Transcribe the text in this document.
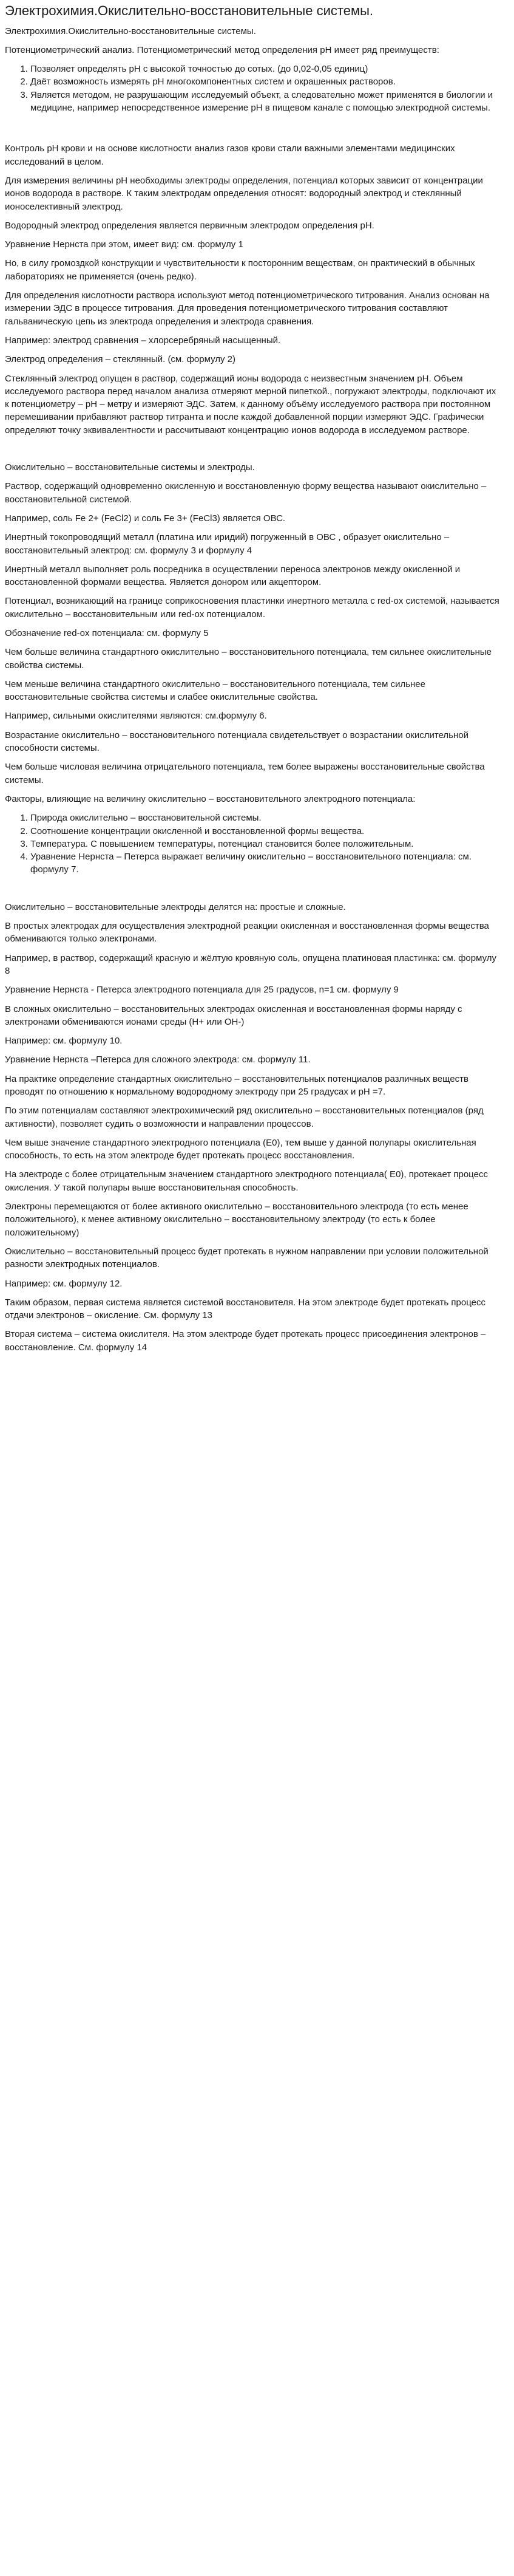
Электрохимия.Окислительно-восстановительные системы.

Электрохимия.Окислительно-восстановительные системы.

Потенциометрический анализ. Потенциометрический метод определения рН имеет ряд преимуществ:

1. Позволяет определять рН с высокой точностью до сотых. (до 0,02-0,05 единиц)
2. Даёт возможность измерять рН многокомпонентных систем и окрашенных растворов.
3. Является методом, не разрушающим исследуемый объект, а следовательно может применятся в биологии и медицине, например непосредственное измерение рН в пищевом канале с помощью электродной системы.

Контроль рН крови и на основе кислотности анализ газов крови стали важными элементами медицинских исследований в целом.

Для измерения величины рН необходимы электроды определения, потенциал которых зависит от концентрации ионов водорода в растворе. К таким электродам определения относят: водородный электрод и стеклянный ионоселективный электрод.

Водородный электрод определения является первичным электродом определения рН.

Уравнение Нернста при этом, имеет вид: см. формулу 1

Но, в силу громоздкой конструкции и чувствительности к посторонним веществам, он практический в обычных лабораториях не применяется (очень редко).

Для определения кислотности раствора используют метод потенциометрического титрования. Анализ основан на измерении ЭДС в процессе титрования. Для проведения потенциометрического титрования составляют гальваническую цепь из электрода определения и электрода сравнения.

Например: электрод сравнения – хлорсеребряный насыщенный.

Электрод определения – стеклянный. (см. формулу 2)

Стеклянный электрод опущен в раствор, содержащий ионы водорода с неизвестным значением рН. Объем исследуемого раствора перед началом анализа отмеряют мерной пипеткой., погружают электроды, подключают их к потенциометру – рН – метру и измеряют ЭДС. Затем, к данному объёму исследуемого раствора при постоянном перемешивании прибавляют раствор титранта и после каждой добавленной порции измеряют ЭДС. Графически определяют точку эквивалентности и рассчитывают концентрацию ионов водорода в исследуемом растворе.

Окислительно – восстановительные системы и электроды.

Раствор, содержащий одновременно окисленную и восстановленную форму вещества называют окислительно – восстановительной системой.

Например, соль Fe 2+ (FeCl2) и соль Fe 3+ (FeCl3) является ОВС.

Инертный токопроводящий металл (платина или иридий) погруженный в ОВС , образует окислительно – восстановительный электрод: см. формулу 3 и формулу 4

Инертный металл выполняет роль посредника в осуществлении переноса электронов между окисленной и восстановленной формами вещества. Является донором или акцептором.

Потенциал, возникающий на границе соприкосновения пластинки инертного металла с red-ox системой, называется окислительно – восстановительным или red-ox потенциалом.

Обозначение red-ox потенциала: см. формулу 5

Чем больше величина стандартного окислительно – восстановительного потенциала, тем сильнее окислительные свойства системы.

Чем меньше величина стандартного окислительно – восстановительного потенциала, тем сильнее восстановительные свойства системы и слабее окислительные свойства.

Например, сильными окислителями являются: см.формулу 6.

Возрастание окислительно – восстановительного потенциала свидетельствует о возрастании окислительной способности системы.

Чем больше числовая величина отрицательного потенциала, тем более выражены восстановительные свойства системы.

Факторы, влияющие на величину окислительно – восстановительного электродного потенциала:

1. Природа окислительно – восстановительной системы.
2. Соотношение концентрации окисленной и восстановленной формы вещества.
3. Температура. С повышением температуры, потенциал становится более положительным.
4. Уравнение Нернста – Петерса выражает величину окислительно – восстановительного потенциала: см. формулу 7.

Окислительно – восстановительные электроды делятся на: простые и сложные.

В простых электродах для осуществления электродной реакции окисленная и восстановленная формы вещества обмениваются только электронами.

Например, в раствор, содержащий красную и жёлтую кровяную соль, опущена платиновая пластинка: см. формулу 8

Уравнение Нернста - Петерса электродного потенциала для 25 градусов, n=1 см. формулу 9

В сложных окислительно – восстановительных электродах окисленная и восстановленная формы наряду с электронами обмениваются ионами среды (Н+ или ОН-)

Например: см. формулу 10.

Уравнение Нернста –Петерса для сложного электрода: см. формулу 11.

На практике определение стандартных окислительно – восстановительных потенциалов различных веществ проводят по отношению к нормальному водородному электроду при 25 градусах и рН =7.

По этим потенциалам составляют электрохимический ряд окислительно – восстановительных потенциалов (ряд активности), позволяет судить о возможности и направлении процессов.

Чем выше значение стандартного электродного потенциала (Е0), тем выше у данной полупары окислительная способность, то есть на этом электроде будет протекать процесс восстановления.

На электроде с более отрицательным значением стандартного электродного потенциала( Е0), протекает процесс окисления. У такой полупары выше восстановительная способность.

Электроны перемещаются от более активного окислительно – восстановительного электрода (то есть менее положительного), к менее активному окислительно – восстановительному электроду (то есть к более положительному)

Окислительно – восстановительный процесс будет протекать в нужном направлении при условии положительной разности электродных потенциалов.

Например: см. формулу 12.

Таким образом, первая система является системой восстановителя. На этом электроде будет протекать процесс отдачи электронов – окисление. См. формулу 13

Вторая система – система окислителя. На этом электроде будет протекать процесс присоединения электронов – восстановление. См. формулу 14
